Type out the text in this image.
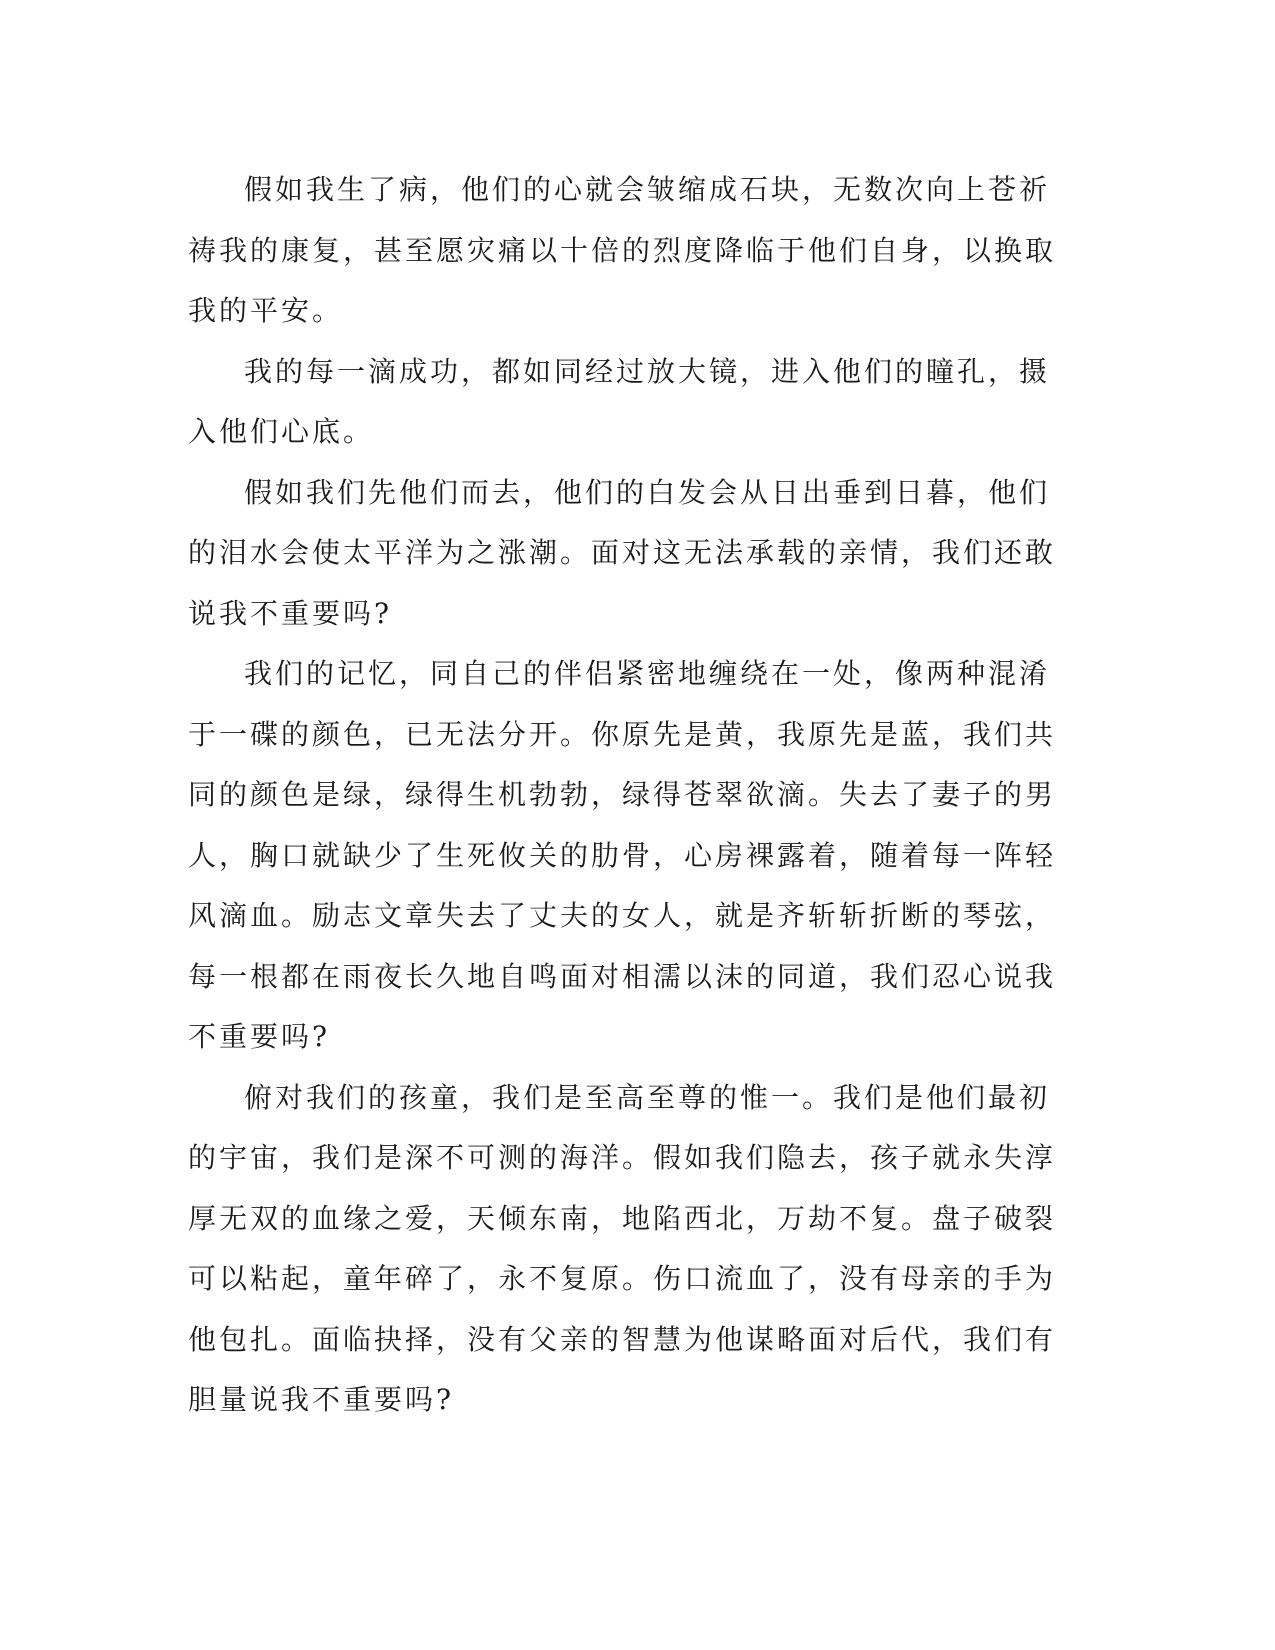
假如我生了病，他们的心就会皱缩成石块，无数次向上苍祈祷我的康复，甚至愿灾痛以十倍的烈度降临于他们自身，以换取我的平安。

我的每一滴成功，都如同经过放大镜，进入他们的瞳孔，摄入他们心底。

假如我们先他们而去，他们的白发会从日出垂到日暮，他们的泪水会使太平洋为之涨潮。面对这无法承载的亲情，我们还敢说我不重要吗?

我们的记忆，同自己的伴侣紧密地缠绕在一处，像两种混淆于一碟的颜色，已无法分开。你原先是黄，我原先是蓝，我们共同的颜色是绿，绿得生机勃勃，绿得苍翠欲滴。失去了妻子的男人，胸口就缺少了生死攸关的肋骨，心房裸露着，随着每一阵轻风滴血。励志文章失去了丈夫的女人，就是齐斩斩折断的琴弦，每一根都在雨夜长久地自鸣面对相濡以沫的同道，我们忍心说我不重要吗?

俯对我们的孩童，我们是至高至尊的惟一。我们是他们最初的宇宙，我们是深不可测的海洋。假如我们隐去，孩子就永失淳厚无双的血缘之爱，天倾东南，地陷西北，万劫不复。盘子破裂可以粘起，童年碎了，永不复原。伤口流血了，没有母亲的手为他包扎。面临抉择，没有父亲的智慧为他谋略面对后代，我们有胆量说我不重要吗?
